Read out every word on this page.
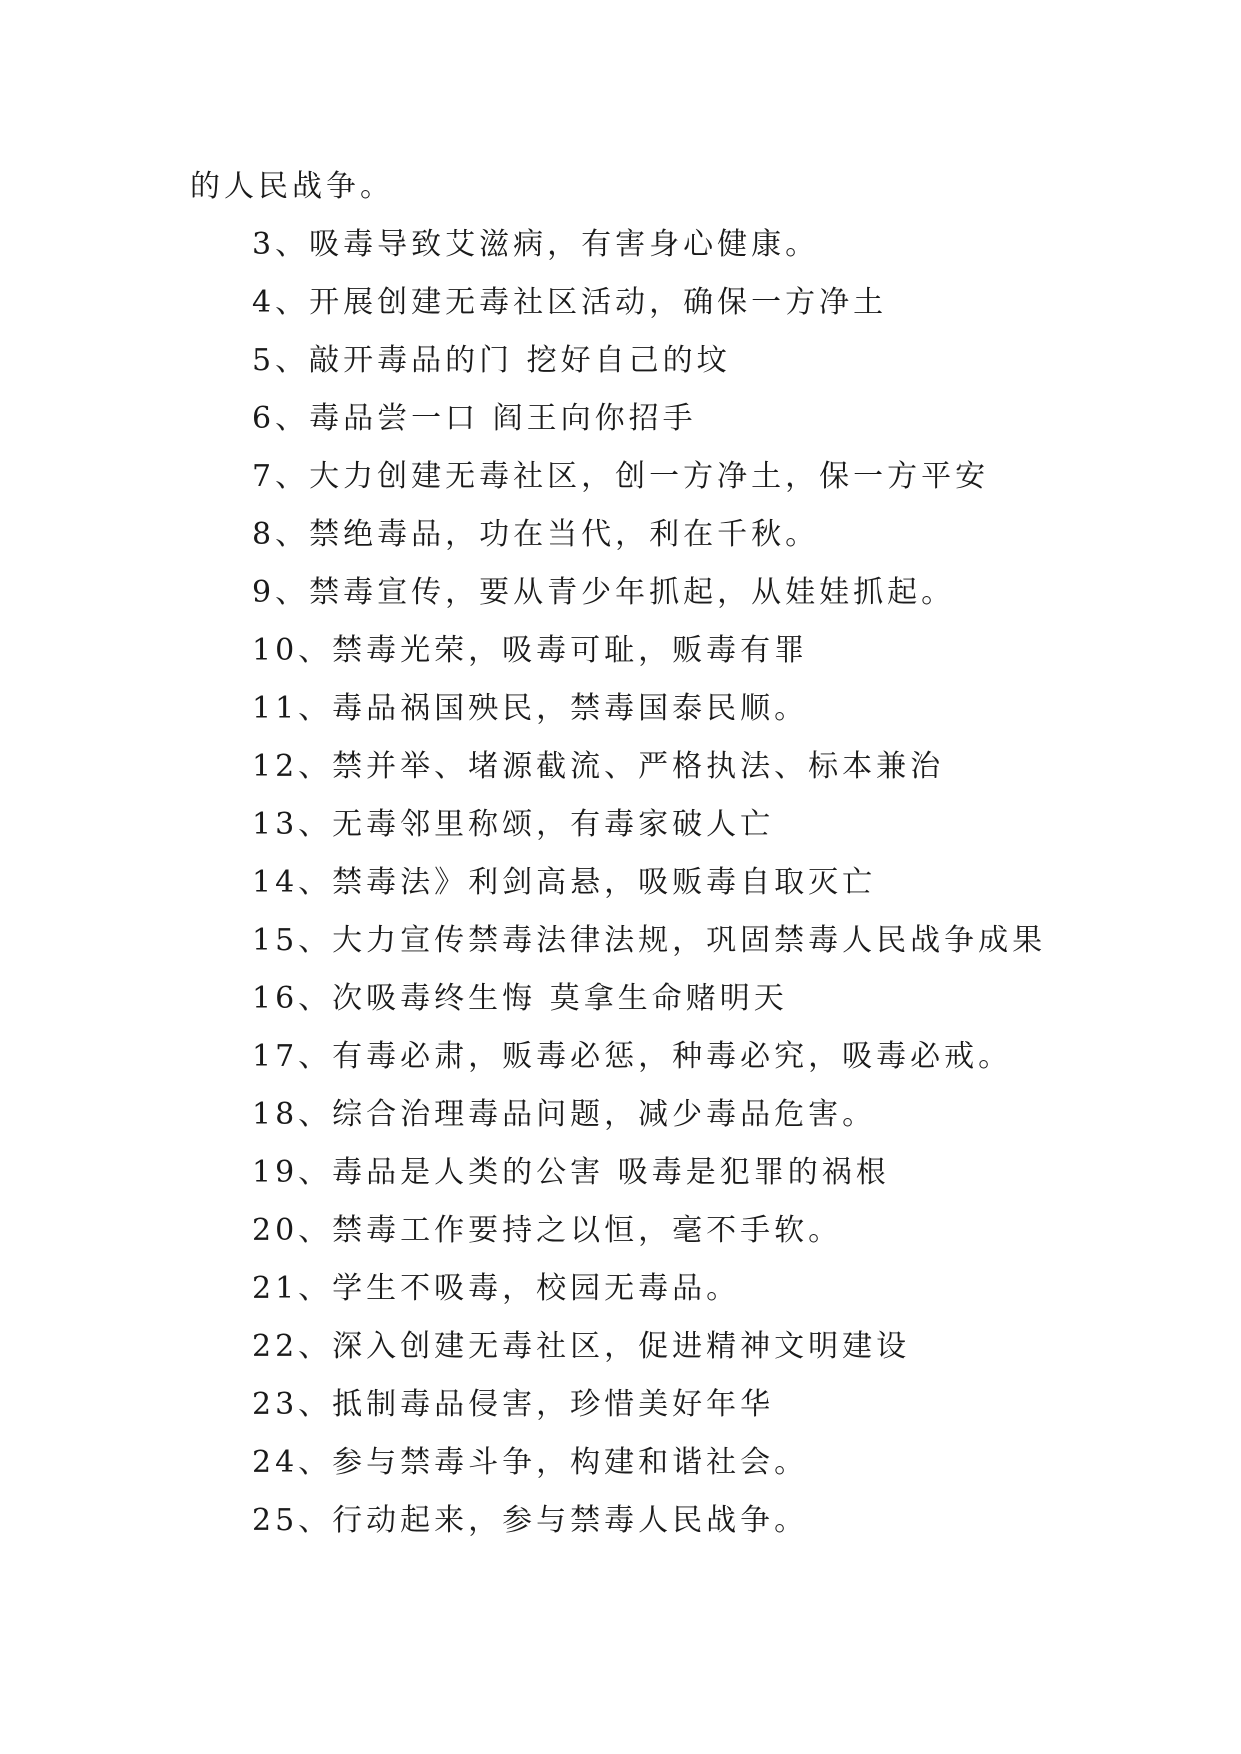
的人民战争。
3、吸毒导致艾滋病，有害身心健康。
4、开展创建无毒社区活动，确保一方净土
5、敲开毒品的门 挖好自己的坟
6、毒品尝一口 阎王向你招手
7、大力创建无毒社区，创一方净土，保一方平安
8、禁绝毒品，功在当代，利在千秋。
9、禁毒宣传，要从青少年抓起，从娃娃抓起。
10、禁毒光荣，吸毒可耻，贩毒有罪
11、毒品祸国殃民，禁毒国泰民顺。
12、禁并举、堵源截流、严格执法、标本兼治
13、无毒邻里称颂，有毒家破人亡
14、禁毒法》利剑高悬，吸贩毒自取灭亡
15、大力宣传禁毒法律法规，巩固禁毒人民战争成果
16、次吸毒终生悔 莫拿生命赌明天
17、有毒必肃，贩毒必惩，种毒必究，吸毒必戒。
18、综合治理毒品问题，减少毒品危害。
19、毒品是人类的公害 吸毒是犯罪的祸根
20、禁毒工作要持之以恒，毫不手软。
21、学生不吸毒，校园无毒品。
22、深入创建无毒社区，促进精神文明建设
23、抵制毒品侵害，珍惜美好年华
24、参与禁毒斗争，构建和谐社会。
25、行动起来，参与禁毒人民战争。
